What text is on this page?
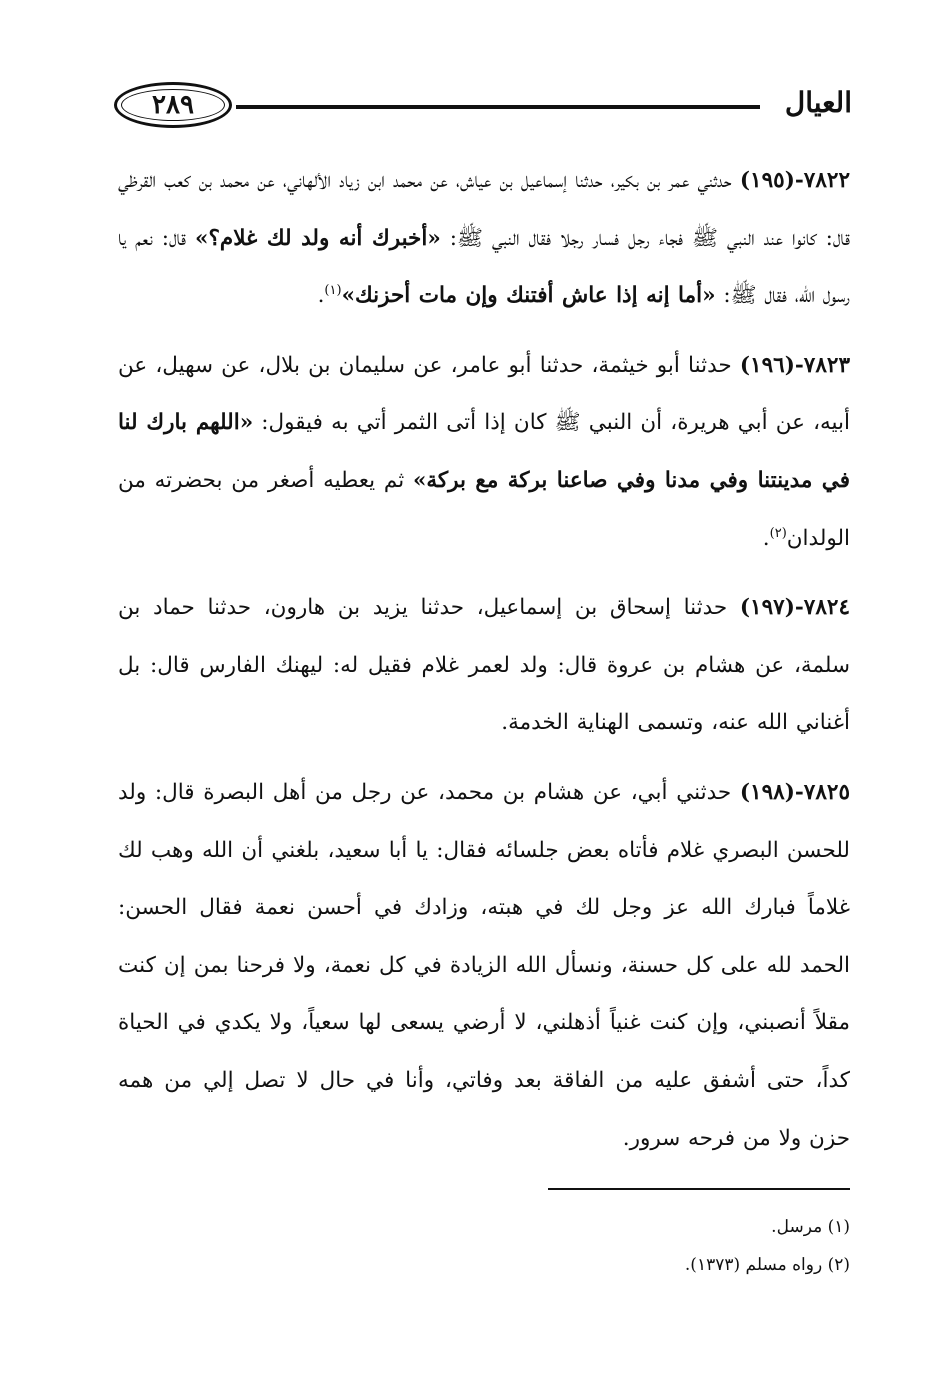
٢٨٩	العيال

٧٨٢٢-(١٩٥) حدثني عمر بن بكير، حدثنا إسماعيل بن عياش، عن محمد ابن زياد الألهاني، عن محمد بن كعب القرظي قال: كانوا عند النبي ﷺ فجاء رجل فسار رجلا فقال النبي ﷺ: «أخبرك أنه ولد لك غلام؟» قال: نعم يا رسول الله، فقال ﷺ: «أما إنه إذا عاش أفتنك وإن مات أحزنك»$^{(١)}$.

٧٨٢٣-(١٩٦) حدثنا أبو خيثمة، حدثنا أبو عامر، عن سليمان بن بلال، عن سهيل، عن أبيه، عن أبي هريرة، أن النبي ﷺ كان إذا أتى الثمر أتي به فيقول: «اللهم بارك لنا في مدينتنا وفي مدنا وفي صاعنا بركة مع بركة» ثم يعطيه أصغر من بحضرته من الولدان$^{(٢)}$.

٧٨٢٤-(١٩٧) حدثنا إسحاق بن إسماعيل، حدثنا يزيد بن هارون، حدثنا حماد بن سلمة، عن هشام بن عروة قال: ولد لعمر غلام فقيل له: ليهنك الفارس قال: بل أغناني الله عنه، وتسمى الهناية الخدمة.

٧٨٢٥-(١٩٨) حدثني أبي، عن هشام بن محمد، عن رجل من أهل البصرة قال: ولد للحسن البصري غلام فأتاه بعض جلسائه فقال: يا أبا سعيد، بلغني أن الله وهب لك غلاماً فبارك الله عز وجل لك في هبته، وزادك في أحسن نعمة فقال الحسن: الحمد لله على كل حسنة، ونسأل الله الزيادة في كل نعمة، ولا فرحنا بمن إن كنت مقلاً أنصبني، وإن كنت غنياً أذهلني، لا أرضي يسعى لها سعياً، ولا يكدي في الحياة كداً، حتى أشفق عليه من الفاقة بعد وفاتي، وأنا في حال لا تصل إلي من همه حزن ولا من فرحه سرور.

(١) مرسل.

(٢) رواه مسلم (١٣٧٣).
